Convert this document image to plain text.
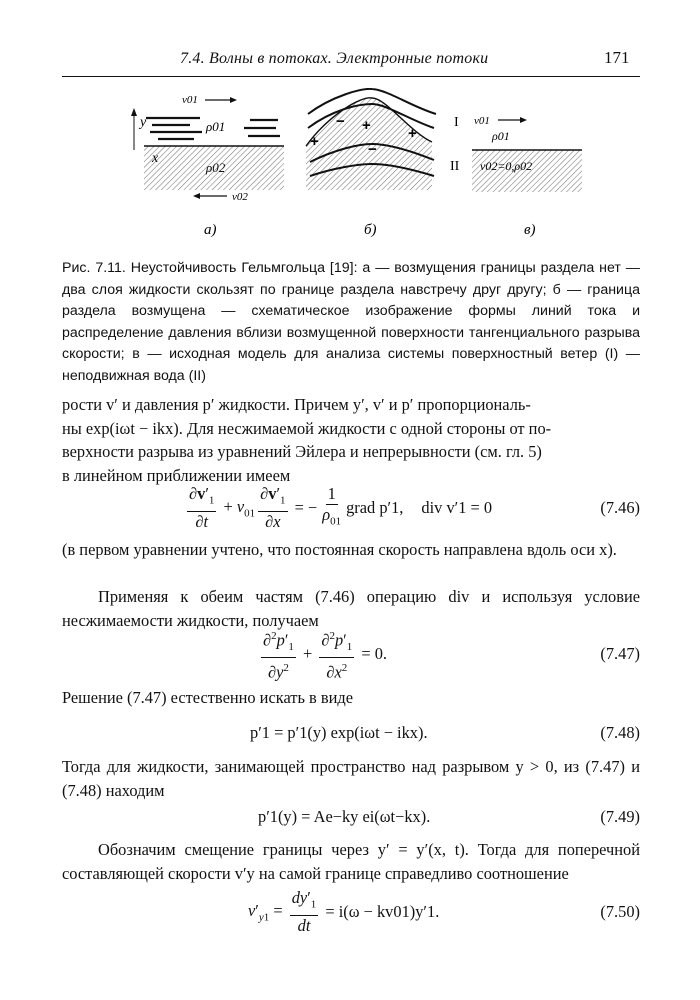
7.4. Волны в потоках. Электронные потоки	171
v01
ρ01
ρ02
y
x
v02
а)
+
+	+
−
−
б)
I v01
ρ01
II v02=0,ρ02
в)

Рис. 7.11. Неустойчивость Гельмгольца [19]: а — возмущения границы раздела нет — два слоя жидкости скользят по границе раздела навстречу друг другу; б — граница раздела возмущена — схематическое изображение формы линий тока и распределение давления вблизи возмущенной поверхности тангенциального разрыва скорости; в — исходная модель для анализа системы поверхностный ветер (I) — неподвижная вода (II)

рости v′ и давления p′ жидкости. Причем y′, v′ и p′ пропорциональ-

ны exp(iωt − ikx). Для несжимаемой жидкости с одной стороны от по-

верхности разрыва из уравнений Эйлера и непрерывности (см. гл. 5)

в линейном приближении имеем

$\frac{\partial v'_1}{\partial t} + v_{01} \frac{\partial v'_1}{\partial x}$ = − $\frac{1}{\rho_{01}}$ grad p′1, div v′1 = 0	(7.46)

(в первом уравнении учтено, что постоянная скорость направлена вдоль оси x).

Применяя к обеим частям (7.46) операцию div и используя условие несжимаемости жидкости, получаем

$\frac{\partial^2p'_1}{\partial y^2} + \frac{\partial^2p'_1}{\partial x^2}$
= 0.	(7.47)

Решение (7.47) естественно искать в виде

p′1 = p′1(y) exp(iωt − ikx).	(7.48)

Тогда для жидкости, занимающей пространство над разрывом y > 0, из (7.47) и (7.48) находим

p′1(y) = Ae−ky ei(ωt−kx).	(7.49)

Обозначим смещение границы через y′ = y′(x, t). Тогда для поперечной составляющей скорости v′y на самой границе справедливо соотношение

$v'_{y1} = \frac{dy'_1}{dt}$
= i(ω − kv01)y′1.	(7.50)
